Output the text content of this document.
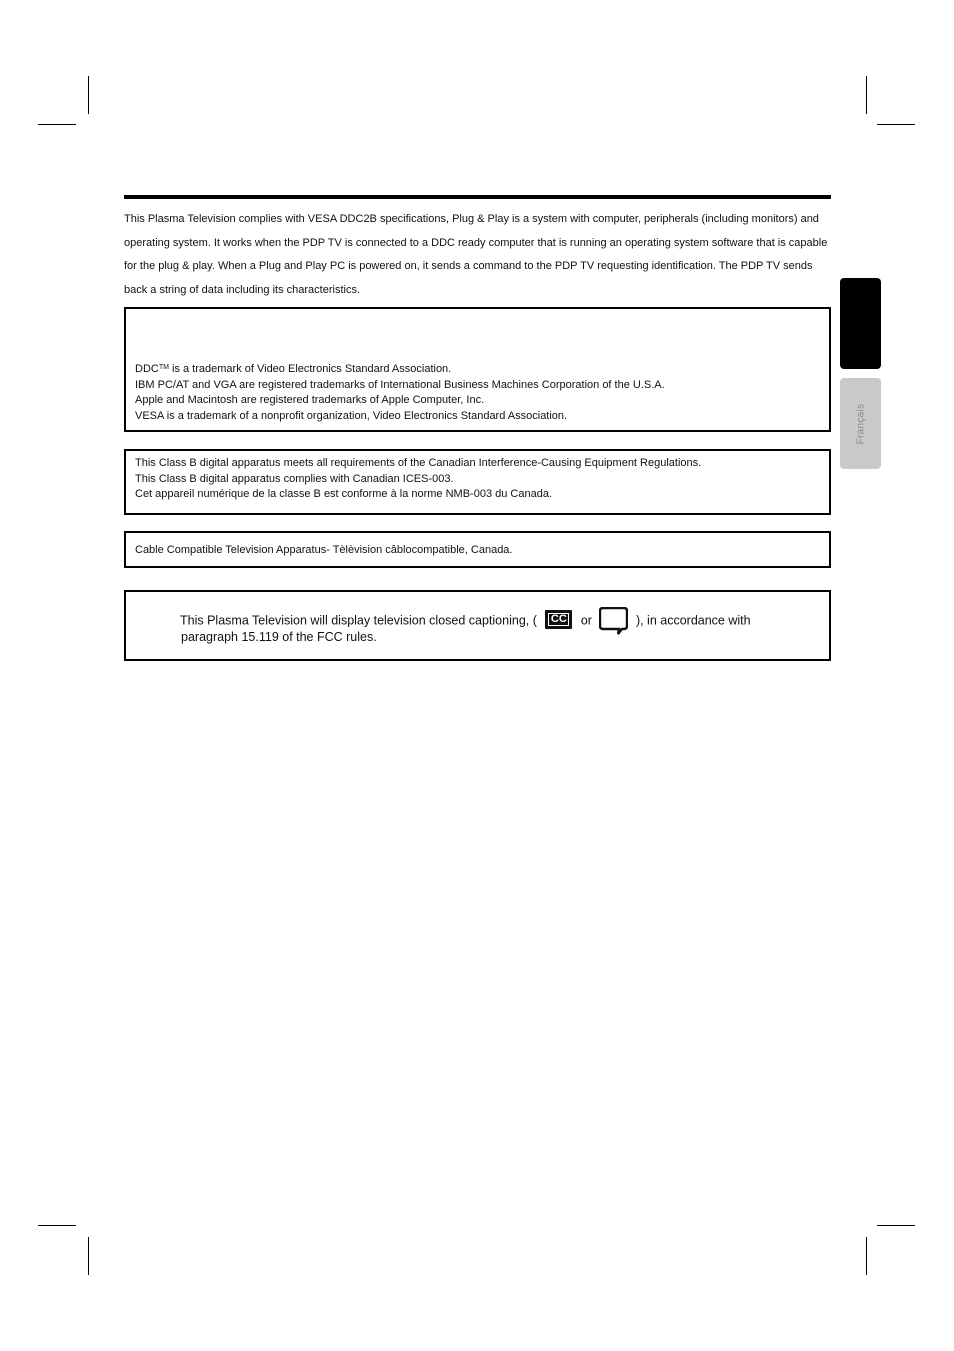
This Plasma Television complies with VESA DDC2B specifications, Plug & Play is a system with computer, peripherals (including monitors) and operating system. It works when the PDP TV is connected to a DDC ready computer that is running an operating system software that is capable for the plug & play. When a Plug and Play PC is powered on, it sends a command to the PDP TV requesting identification. The PDP TV sends back a string of data including its characteristics.
DDC™ is a trademark of Video Electronics Standard Association.
IBM PC/AT and VGA are registered trademarks of International Business Machines Corporation of the U.S.A.
Apple and Macintosh are registered trademarks of Apple Computer, Inc.
VESA is a trademark of a nonprofit organization, Video Electronics Standard Association.
This Class B digital apparatus meets all requirements of the Canadian Interference-Causing Equipment Regulations.
This Class B digital apparatus complies with Canadian ICES-003.
Cet appareil numérique de la classe B est conforme à la norme NMB-003 du Canada.
Cable Compatible Television Apparatus- Tèlèvision câblocompatible, Canada.
This Plasma Television will display television closed captioning, ( CC or	), in accordance with
paragraph 15.119 of the FCC rules.
Français
